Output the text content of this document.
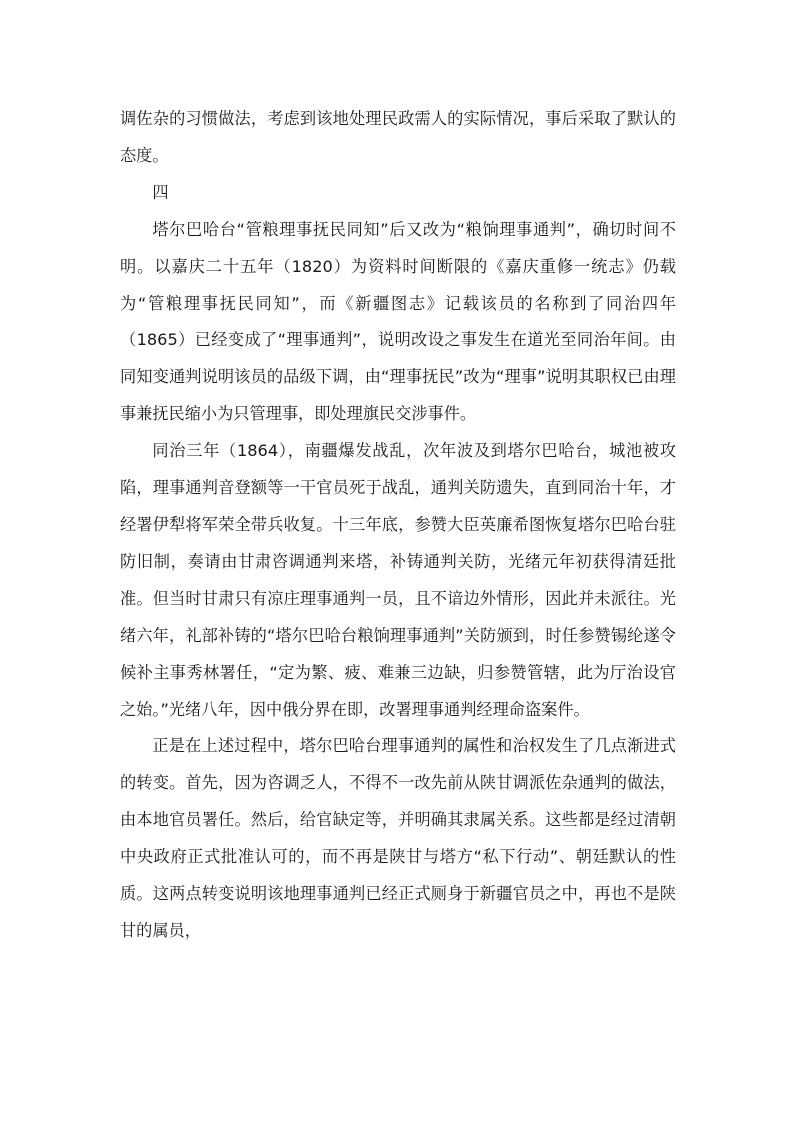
调佐杂的习惯做法，考虑到该地处理民政需人的实际情况，事后采取了默认的态度。

四

塔尔巴哈台“管粮理事抚民同知”后又改为“粮饷理事通判”，确切时间不明。以嘉庆二十五年（1820）为资料时间断限的《嘉庆重修一统志》仍载为“管粮理事抚民同知”，而《新疆图志》记载该员的名称到了同治四年（1865）已经变成了“理事通判”，说明改设之事发生在道光至同治年间。由同知变通判说明该员的品级下调，由“理事抚民”改为“理事”说明其职权已由理事兼抚民缩小为只管理事，即处理旗民交涉事件。

同治三年（1864），南疆爆发战乱，次年波及到塔尔巴哈台，城池被攻陷，理事通判音登额等一干官员死于战乱，通判关防遗失，直到同治十年，才经署伊犁将军荣全带兵收复。十三年底，参赞大臣英廉希图恢复塔尔巴哈台驻防旧制，奏请由甘肃咨调通判来塔，补铸通判关防，光绪元年初获得清廷批准。但当时甘肃只有凉庄理事通判一员，且不谙边外情形，因此并未派往。光绪六年，礼部补铸的“塔尔巴哈台粮饷理事通判”关防颁到，时任参赞锡纶遂令候补主事秀林署任，“定为繁、疲、难兼三边缺，归参赞管辖，此为厅治设官之始。”光绪八年，因中俄分界在即，改署理事通判经理命盗案件。

正是在上述过程中，塔尔巴哈台理事通判的属性和治权发生了几点渐进式的转变。首先，因为咨调乏人，不得不一改先前从陕甘调派佐杂通判的做法，由本地官员署任。然后，给官缺定等，并明确其隶属关系。这些都是经过清朝中央政府正式批准认可的，而不再是陕甘与塔方“私下行动”、朝廷默认的性质。这两点转变说明该地理事通判已经正式厕身于新疆官员之中，再也不是陕甘的属员，
